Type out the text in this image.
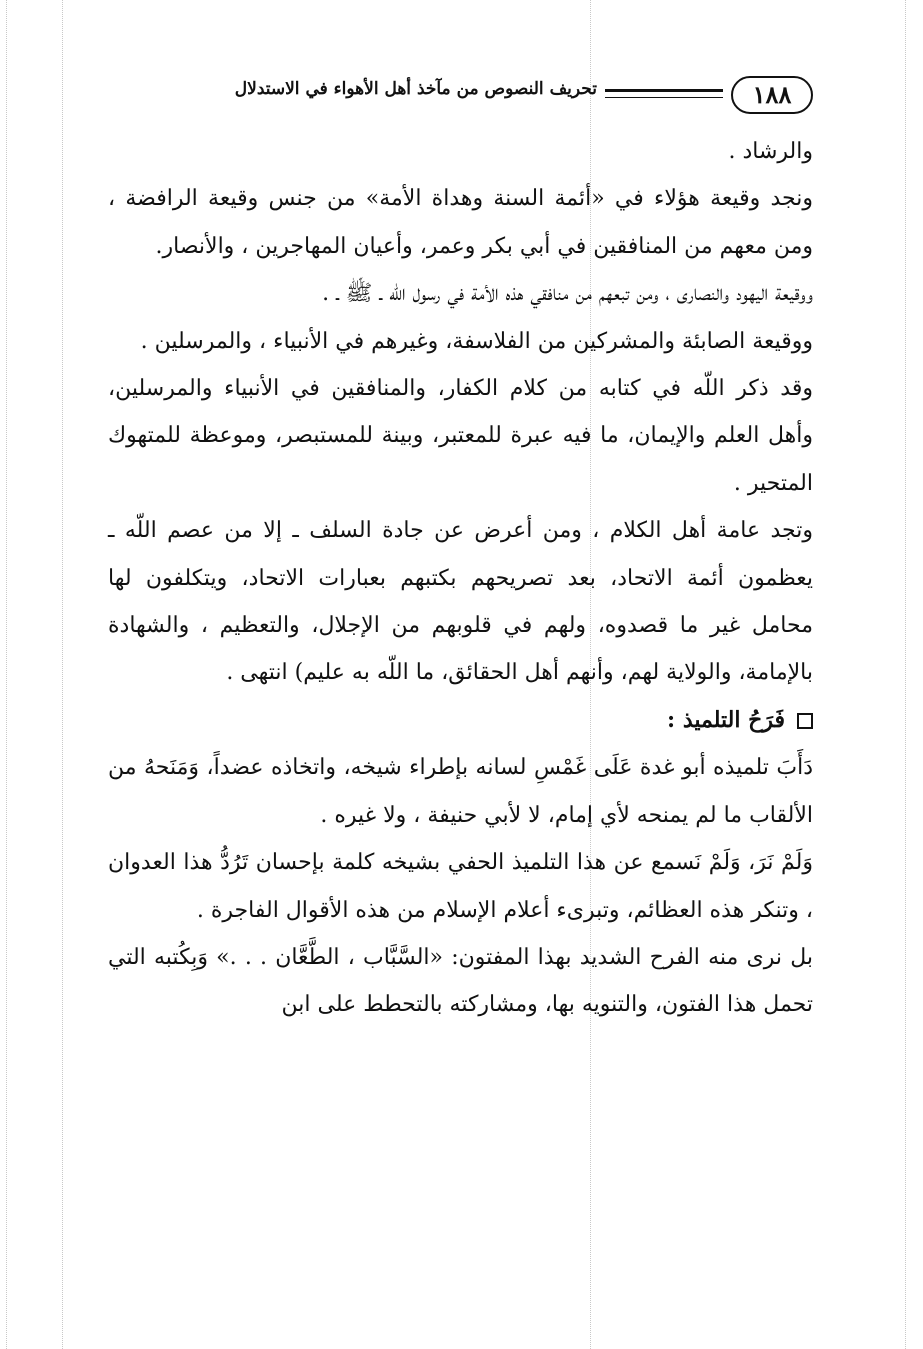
١٨٨
تحريف النصوص من مآخذ أهل الأهواء في الاستدلال

والرشاد .

ونجد وقيعة هؤلاء في «أئمة السنة وهداة الأمة» من جنس وقيعة الرافضة ، ومن معهم من المنافقين في أبي بكر وعمر، وأعيان المهاجرين ، والأنصار.

ووقيعة اليهود والنصارى ، ومن تبعهم من منافقي هذه الأمة في رسول اللّه ـ ﷺ ـ .

ووقيعة الصابئة والمشركين من الفلاسفة، وغيرهم في الأنبياء ، والمرسلين .

وقد ذكر اللّه في كتابه من كلام الكفار، والمنافقين في الأنبياء والمرسلين، وأهل العلم والإيمان، ما فيه عبرة للمعتبر، وبينة للمستبصر، وموعظة للمتهوك المتحير .

وتجد عامة أهل الكلام ، ومن أعرض عن جادة السلف ـ إلا من عصم اللّه ـ يعظمون أئمة الاتحاد، بعد تصريحهم بكتبهم بعبارات الاتحاد، ويتكلفون لها محامل غير ما قصدوه، ولهم في قلوبهم من الإجلال، والتعظيم ، والشهادة بالإمامة، والولاية لهم، وأنهم أهل الحقائق، ما اللّه به عليم) انتهى .

فَرَحُ التلميذ :

دَأَبَ تلميذه أبو غدة عَلَى غَمْسِ لسانه بإطراء شيخه، واتخاذه عضداً، وَمَنَحهُ من الألقاب ما لم يمنحه لأي إمام، لا لأبي حنيفة ، ولا غيره .

وَلَمْ نَرَ، وَلَمْ نَسمع عن هذا التلميذ الحفي بشيخه كلمة بإحسان تَرُدُّ هذا العدوان ، وتنكر هذه العظائم، وتبرىء أعلام الإسلام من هذه الأقوال الفاجرة .

بل نرى منه الفرح الشديد بهذا المفتون: «السَّبَّاب ، الطَّعَّان . . .» وَبِكُتبه التي تحمل هذا الفتون، والتنويه بها، ومشاركته بالتحطط على ابن
